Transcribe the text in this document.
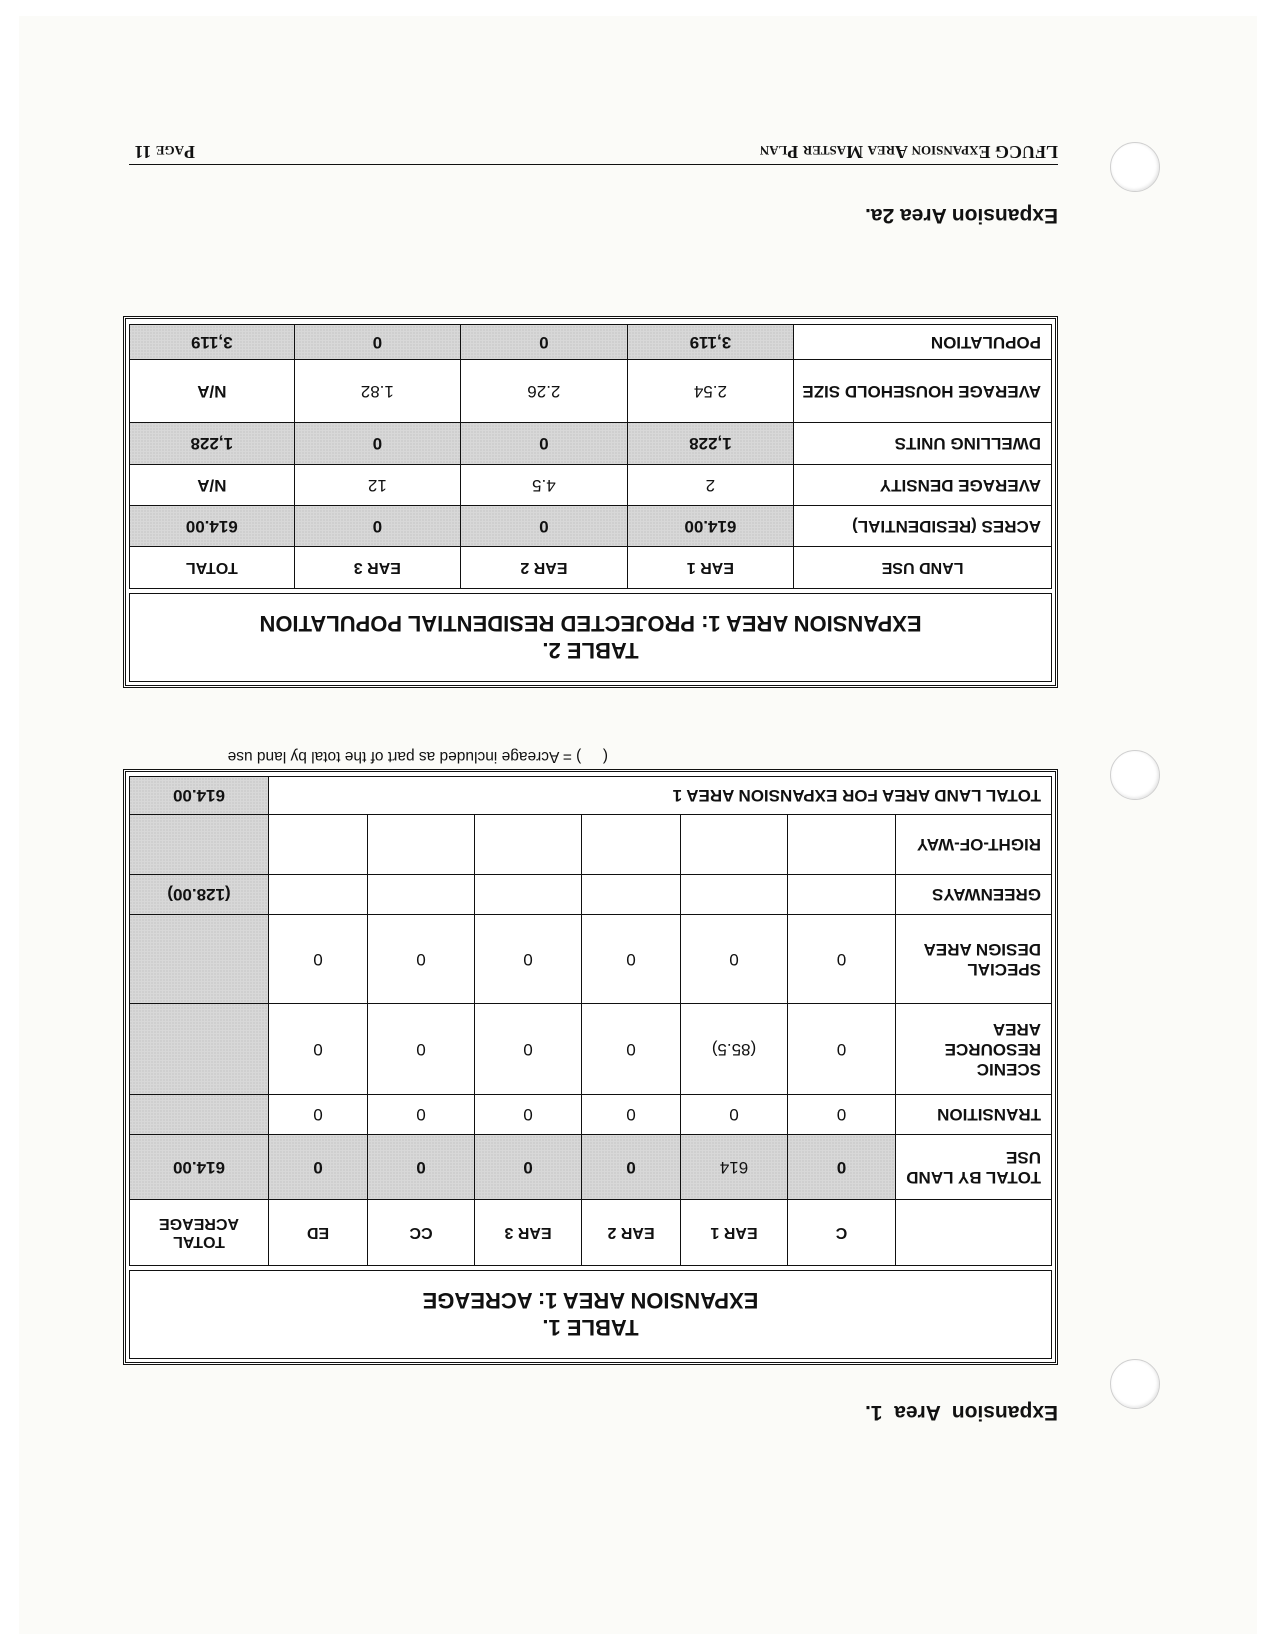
Expansion  Area  1.
TABLE 1.
EXPANSION AREA 1: ACREAGE
	C	EAR 1	EAR 2	EAR 3	CC	ED	TOTAL ACREAGE
TOTAL BY LAND USE	0	614	0	0	0	0	614.00
TRANSITION	0	0	0	0	0	0	
SCENIC RESOURCE AREA	0	(85.5)	0	0	0	0	
SPECIAL DESIGN AREA	0	0	0	0	0	0	
GREENWAYS							(128.00)
RIGHT-OF-WAY							
TOTAL LAND AREA FOR EXPANSION AREA 1							614.00
(     ) = Acreage included as part of the total by land use
TABLE 2.
EXPANSION AREA 1: PROJECTED RESIDENTIAL POPULATION
LAND USE	EAR 1	EAR 2	EAR 3	TOTAL
ACRES (RESIDENTIAL)	614.00	0	0	614.00
AVERAGE DENSITY	2	4.5	12	N/A
DWELLING UNITS	1,228	0	0	1,228
AVERAGE HOUSEHOLD SIZE	2.54	2.26	1.82	N/A
POPULATION	3,119	0	0	3,119
Expansion Area 2a.
LFUCG Expansion Area Master Plan
Page 11
